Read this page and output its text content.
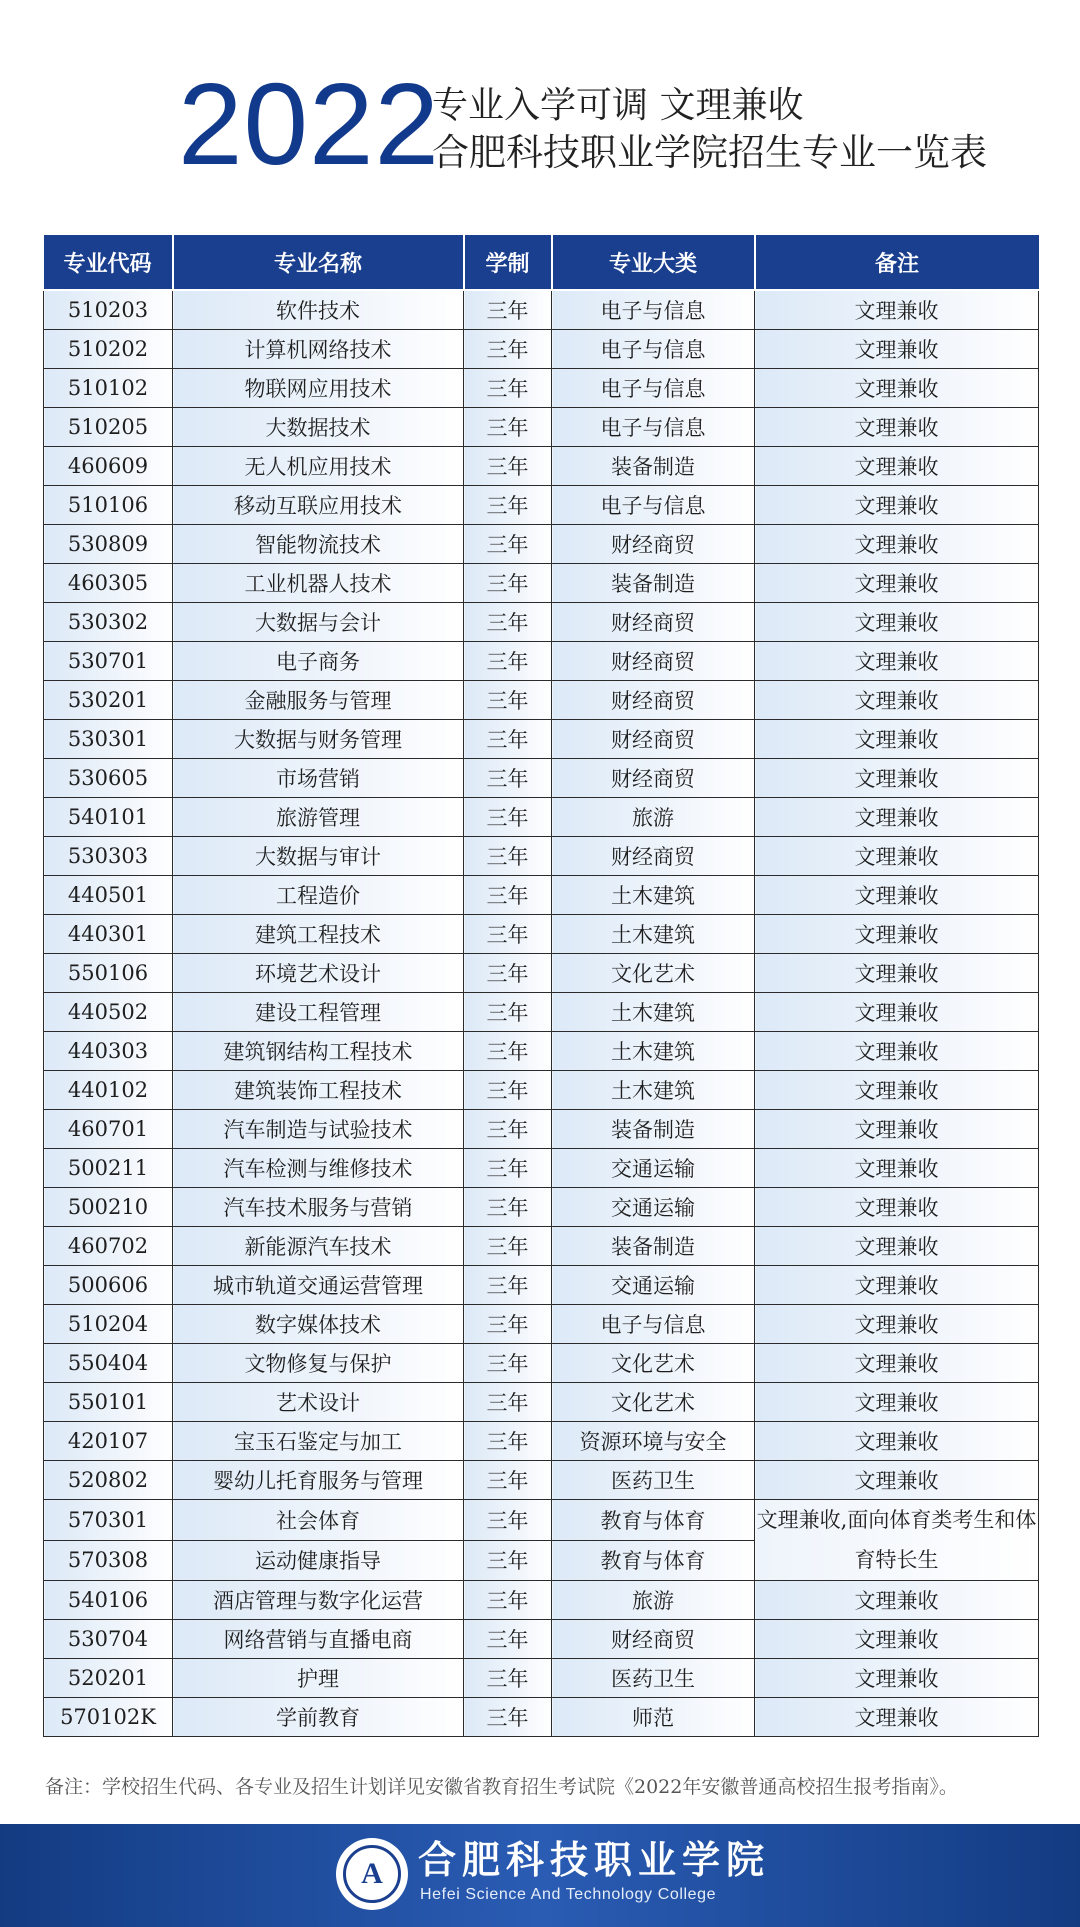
2022
专业入学可调 文理兼收
合肥科技职业学院招生专业一览表
专业代码	专业名称	学制	专业大类	备注
510203	软件技术	三年	电子与信息	文理兼收
510202	计算机网络技术	三年	电子与信息	文理兼收
510102	物联网应用技术	三年	电子与信息	文理兼收
510205	大数据技术	三年	电子与信息	文理兼收
460609	无人机应用技术	三年	装备制造	文理兼收
510106	移动互联应用技术	三年	电子与信息	文理兼收
530809	智能物流技术	三年	财经商贸	文理兼收
460305	工业机器人技术	三年	装备制造	文理兼收
530302	大数据与会计	三年	财经商贸	文理兼收
530701	电子商务	三年	财经商贸	文理兼收
530201	金融服务与管理	三年	财经商贸	文理兼收
530301	大数据与财务管理	三年	财经商贸	文理兼收
530605	市场营销	三年	财经商贸	文理兼收
540101	旅游管理	三年	旅游	文理兼收
530303	大数据与审计	三年	财经商贸	文理兼收
440501	工程造价	三年	土木建筑	文理兼收
440301	建筑工程技术	三年	土木建筑	文理兼收
550106	环境艺术设计	三年	文化艺术	文理兼收
440502	建设工程管理	三年	土木建筑	文理兼收
440303	建筑钢结构工程技术	三年	土木建筑	文理兼收
440102	建筑装饰工程技术	三年	土木建筑	文理兼收
460701	汽车制造与试验技术	三年	装备制造	文理兼收
500211	汽车检测与维修技术	三年	交通运输	文理兼收
500210	汽车技术服务与营销	三年	交通运输	文理兼收
460702	新能源汽车技术	三年	装备制造	文理兼收
500606	城市轨道交通运营管理	三年	交通运输	文理兼收
510204	数字媒体技术	三年	电子与信息	文理兼收
550404	文物修复与保护	三年	文化艺术	文理兼收
550101	艺术设计	三年	文化艺术	文理兼收
420107	宝玉石鉴定与加工	三年	资源环境与安全	文理兼收
520802	婴幼儿托育服务与管理	三年	医药卫生	文理兼收
570301	社会体育	三年	教育与体育	文理兼收,面向体育类考生和体育特长生
570308	运动健康指导	三年	教育与体育	
540106	酒店管理与数字化运营	三年	旅游	文理兼收
530704	网络营销与直播电商	三年	财经商贸	文理兼收
520201	护理	三年	医药卫生	文理兼收
570102K	学前教育	三年	师范	文理兼收
备注：学校招生代码、各专业及招生计划详见安徽省教育招生考试院《2022年安徽普通高校招生报考指南》。
A 合肥科技职业学院
Hefei Science And Technology College
